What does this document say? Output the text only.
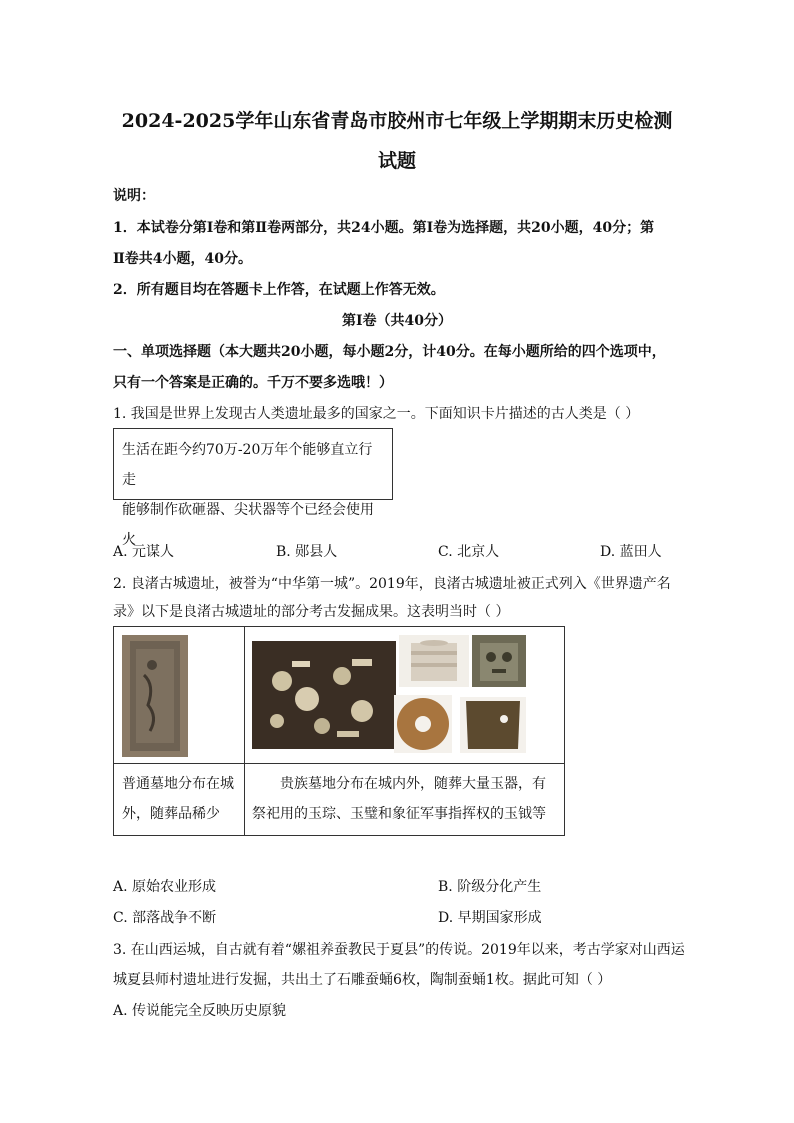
2024-2025学年山东省青岛市胶州市七年级上学期期末历史检测
试题
说明：
1．本试卷分第Ⅰ卷和第Ⅱ卷两部分，共24小题。第Ⅰ卷为选择题，共20小题，40分；第
Ⅱ卷共4小题，40分。
2．所有题目均在答题卡上作答，在试题上作答无效。
第Ⅰ卷（共40分）
一、单项选择题（本大题共20小题，每小题2分，计40分。在每小题所给的四个选项中，
只有一个答案是正确的。千万不要多选哦！）
1. 我国是世界上发现古人类遗址最多的国家之一。下面知识卡片描述的古人类是（ ）
生活在距今约70万-20万年个能够直立行走
能够制作砍砸器、尖状器等个已经会使用火
A. 元谋人	B. 郧县人	C. 北京人	D. 蓝田人
2. 良渚古城遗址，被誉为“中华第一城”。2019年，良渚古城遗址被正式列入《世界遗产名
录》以下是良渚古城遗址的部分考古发掘成果。这表明当时（ ）
普通墓地分布在城
外，随葬品稀少
贵族墓地分布在城内外，随葬大量玉器，有
祭祀用的玉琮、玉璧和象征军事指挥权的玉钺等
A. 原始农业形成	B. 阶级分化产生
C. 部落战争不断	D. 早期国家形成
3. 在山西运城，自古就有着“嫘祖养蚕教民于夏县”的传说。2019年以来，考古学家对山西运
城夏县师村遗址进行发掘，共出土了石雕蚕蛹6枚，陶制蚕蛹1枚。据此可知（ ）
A. 传说能完全反映历史原貌
